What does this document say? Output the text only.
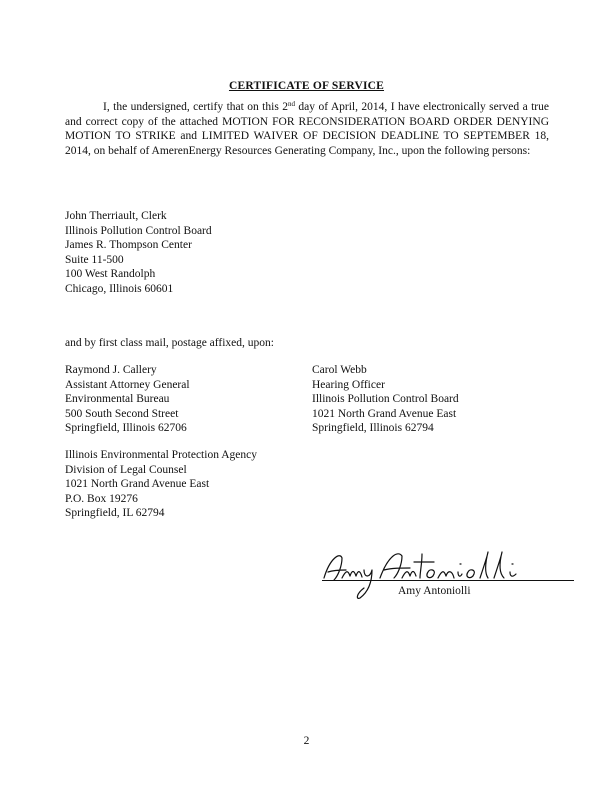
CERTIFICATE OF SERVICE
I, the undersigned, certify that on this 2nd day of April, 2014, I have electronically served a true and correct copy of the attached MOTION FOR RECONSIDERATION BOARD ORDER DENYING MOTION TO STRIKE and LIMITED WAIVER OF DECISION DEADLINE TO SEPTEMBER 18, 2014, on behalf of AmerenEnergy Resources Generating Company, Inc., upon the following persons:
John Therriault, Clerk
Illinois Pollution Control Board
James R. Thompson Center
Suite 11-500
100 West Randolph
Chicago, Illinois 60601
and by first class mail, postage affixed, upon:
Raymond J. Callery
Assistant Attorney General
Environmental Bureau
500 South Second Street
Springfield, Illinois 62706
Carol Webb
Hearing Officer
Illinois Pollution Control Board
1021 North Grand Avenue East
Springfield, Illinois 62794
Illinois Environmental Protection Agency
Division of Legal Counsel
1021 North Grand Avenue East
P.O. Box 19276
Springfield, IL 62794
Amy Antoniolli
2
